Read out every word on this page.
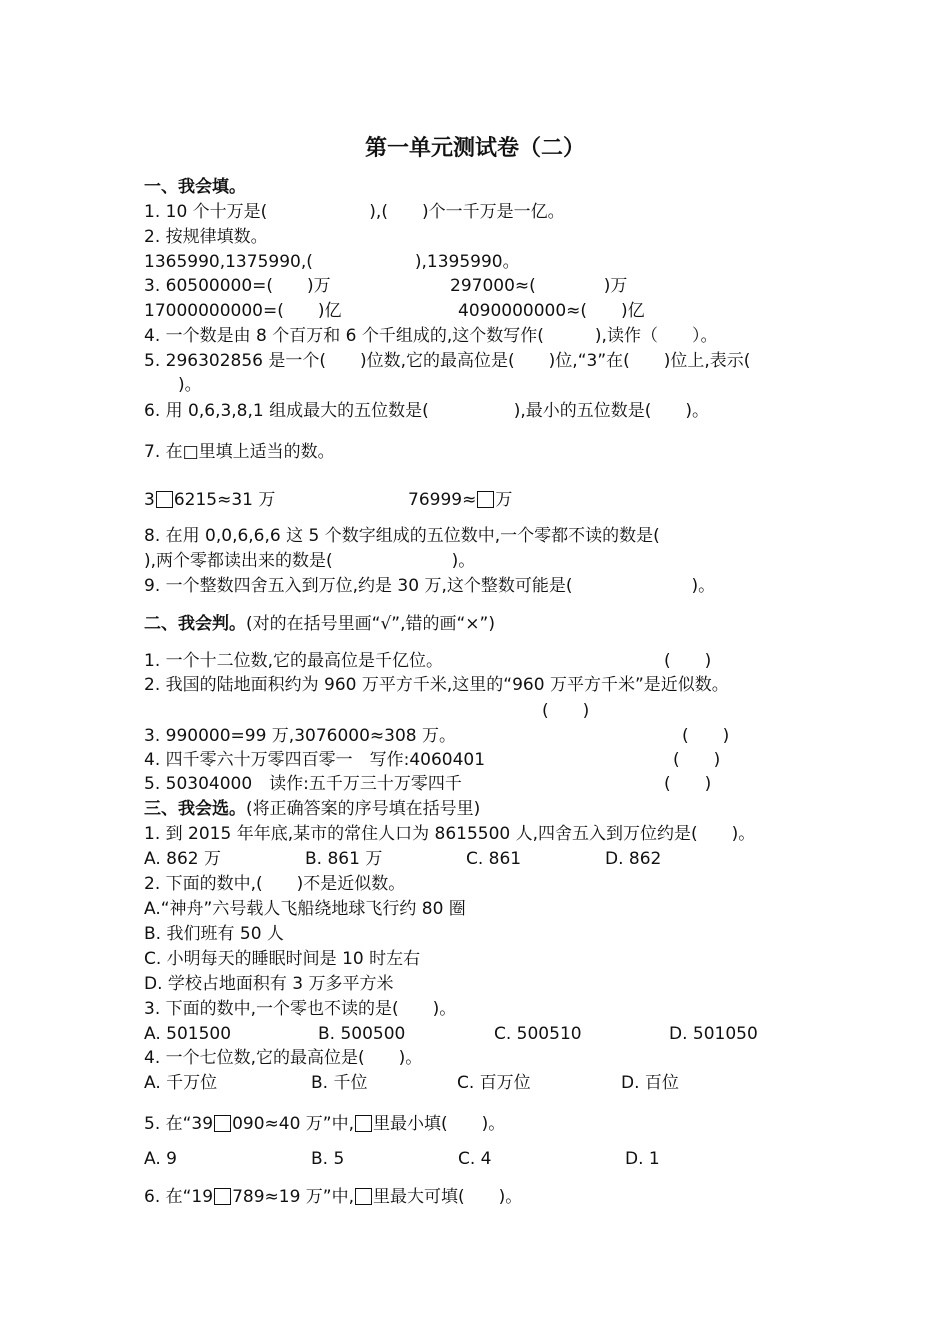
第一单元测试卷（二）
一、我会填。
1. 10 个十万是(　　　　　　),(　　)个一千万是一亿。
2. 按规律填数。
1365990,1375990,(　　　　　　),1395990。
3. 60500000=(　　)万	297000≈(　　　　)万
17000000000=(　　)亿	4090000000≈(　　)亿
4. 一个数是由 8 个百万和 6 个千组成的,这个数写作(　　　),读作（　　）。
5. 296302856 是一个(　　)位数,它的最高位是(　　)位,“3”在(　　)位上,表示(
　　)。
6. 用 0,6,3,8,1 组成最大的五位数是(　　　　　),最小的五位数是(　　)。
7. 在□里填上适当的数。
3 6215≈31 万	76999≈ 万
8. 在用 0,0,6,6,6 这 5 个数字组成的五位数中,一个零都不读的数是(
),两个零都读出来的数是(　　　　　　　)。
9. 一个整数四舍五入到万位,约是 30 万,这个整数可能是(　　　　　　　)。
二、我会判。(对的在括号里画“√”,错的画“×”)
1. 一个十二位数,它的最高位是千亿位。	(　　)
2. 我国的陆地面积约为 960 万平方千米,这里的“960 万平方千米”是近似数。
(　　)
3. 990000=99 万,3076000≈308 万。	(　　)
4. 四千零六十万零四百零一　写作:4060401	(　　)
5. 50304000　读作:五千万三十万零四千	(　　)
三、我会选。(将正确答案的序号填在括号里)
1. 到 2015 年年底,某市的常住人口为 8615500 人,四舍五入到万位约是(　　)。
A. 862 万	B. 861 万	C. 861	D. 862
2. 下面的数中,(　　)不是近似数。
A.“神舟”六号载人飞船绕地球飞行约 80 圈
B. 我们班有 50 人
C. 小明每天的睡眠时间是 10 时左右
D. 学校占地面积有 3 万多平方米
3. 下面的数中,一个零也不读的是(　　)。
A. 501500	B. 500500	C. 500510	D. 501050
4. 一个七位数,它的最高位是(　　)。
A. 千万位	B. 千位	C. 百万位	D. 百位
5. 在“39 090≈40 万”中, 里最小填(　　)。
A. 9	B. 5	C. 4	D. 1
6. 在“19 789≈19 万”中, 里最大可填(　　)。
